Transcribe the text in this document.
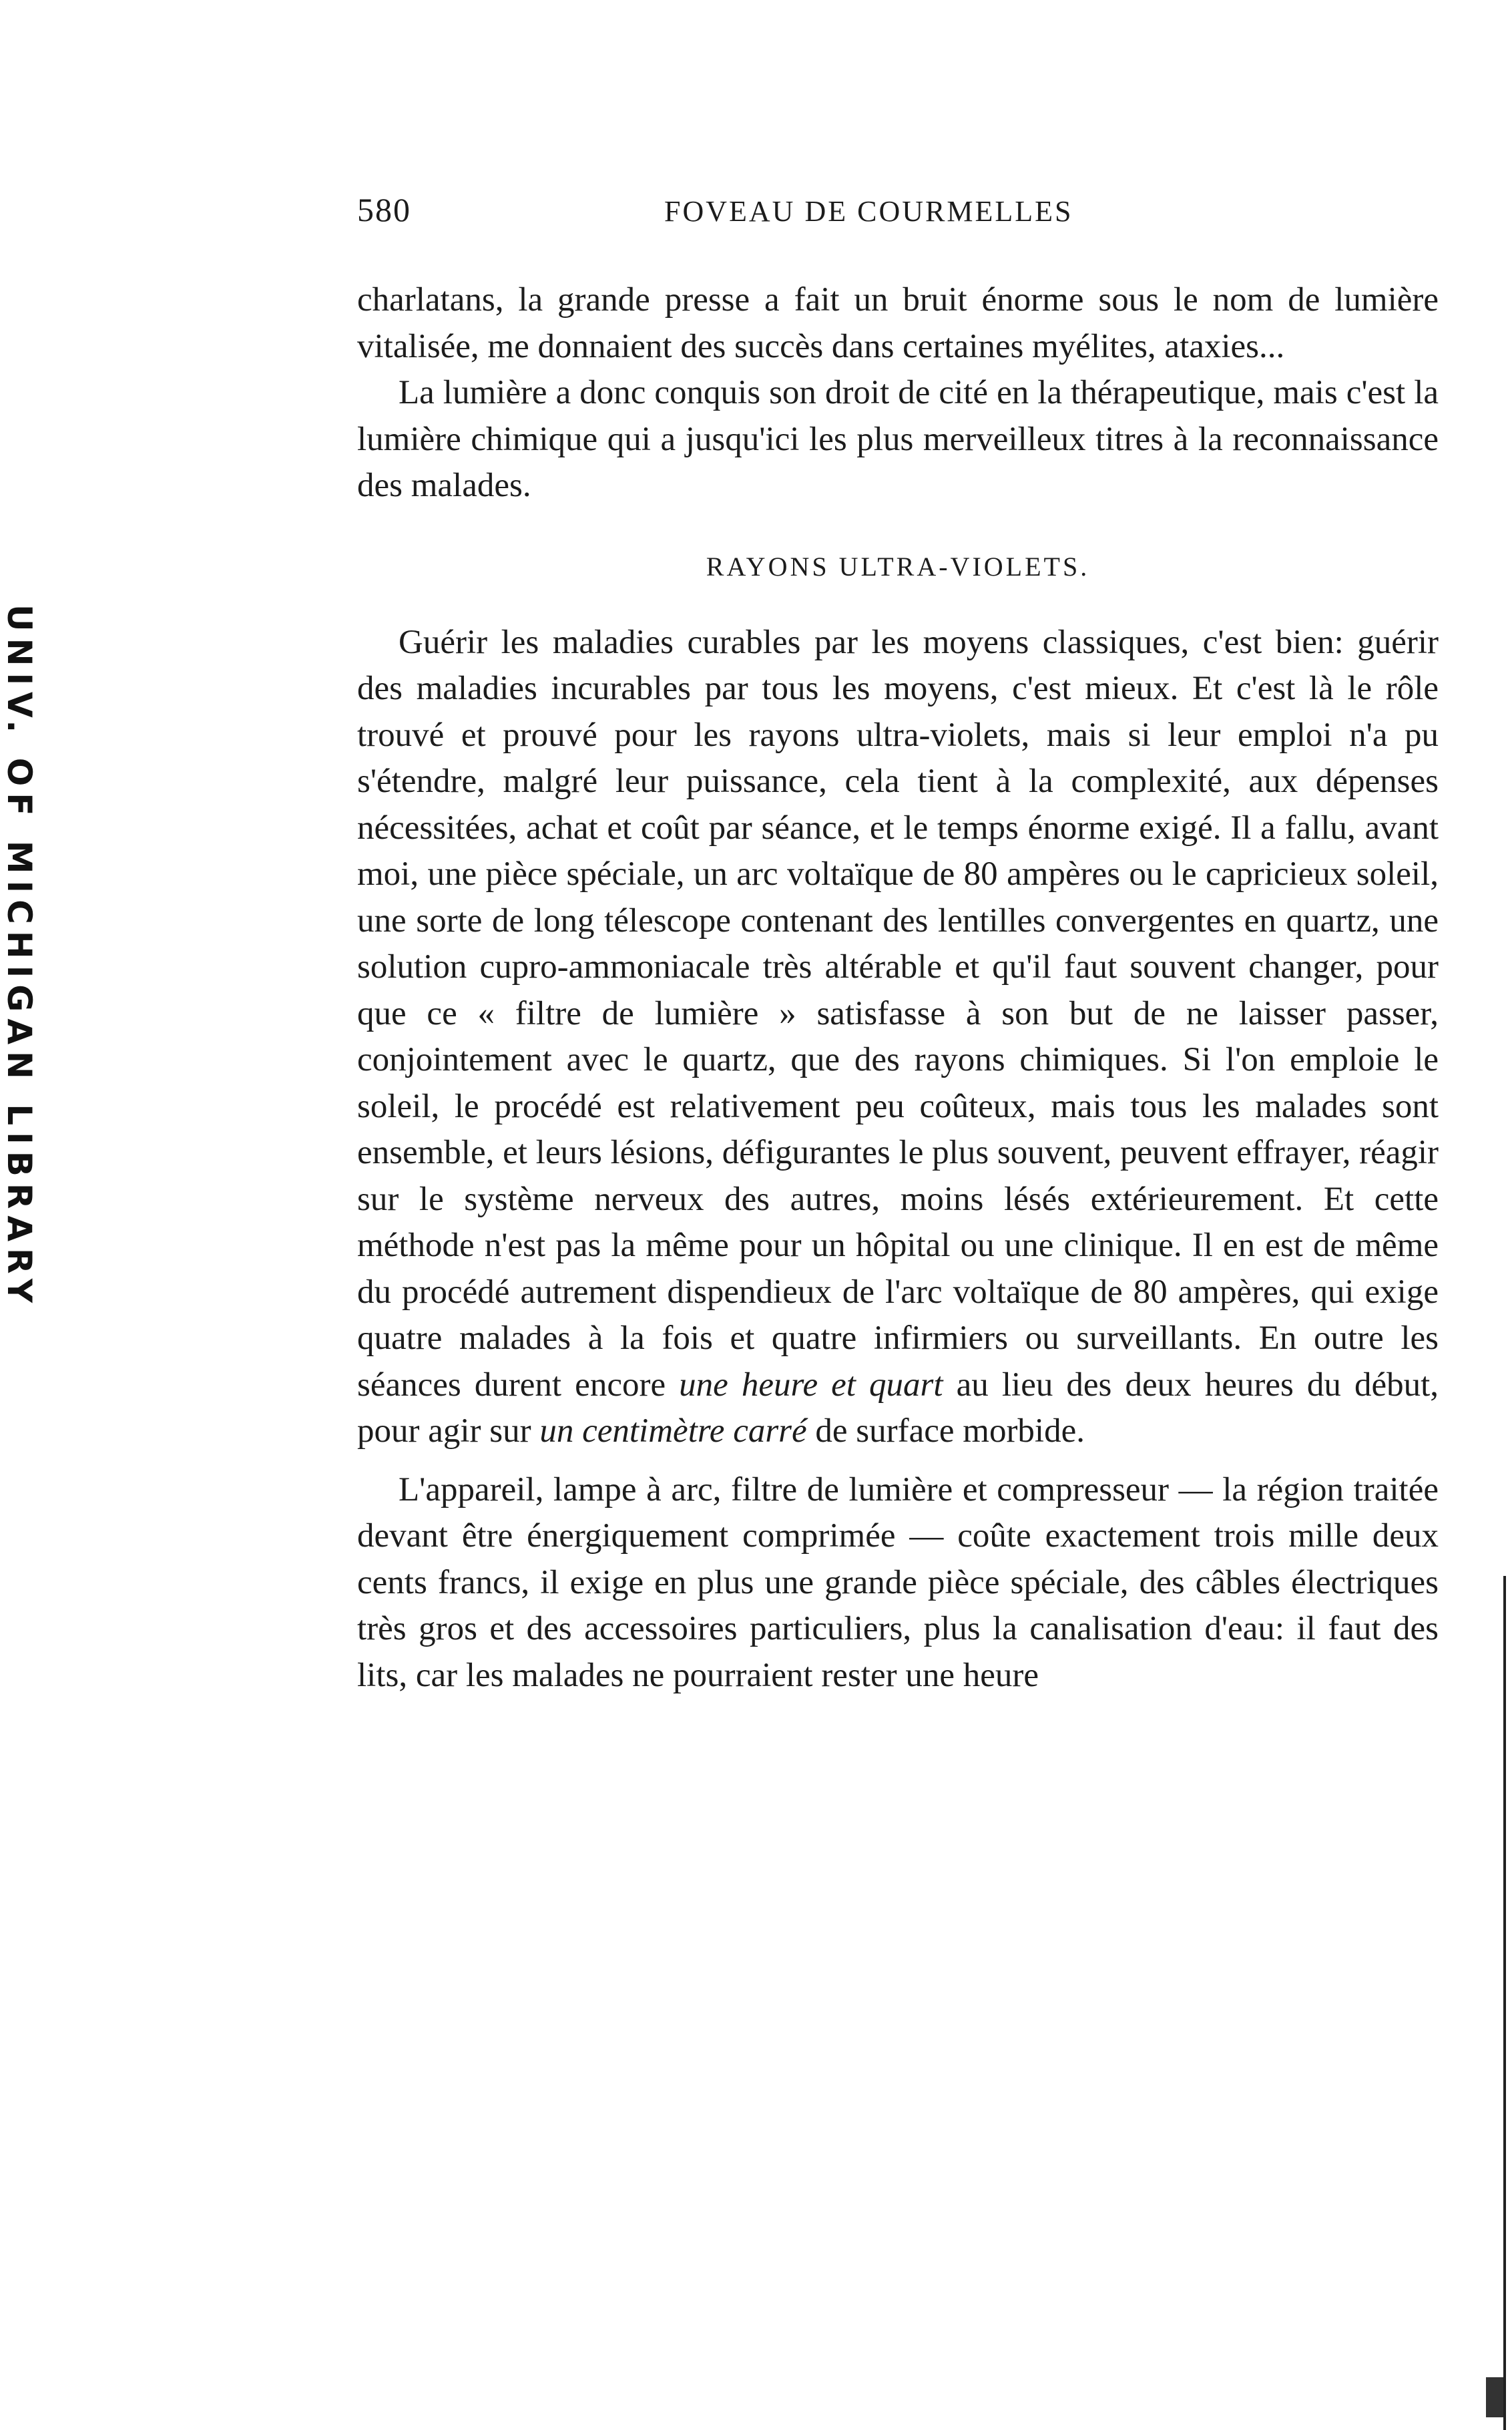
UNIV. OF MICHIGAN LIBRARY
580	FOVEAU DE COURMELLES

charlatans, la grande presse a fait un bruit énorme sous le nom de lumière vitalisée, me donnaient des succès dans certaines myélites, ataxies...

La lumière a donc conquis son droit de cité en la thérapeutique, mais c'est la lumière chimique qui a jusqu'ici les plus merveilleux titres à la reconnaissance des malades.

RAYONS ULTRA-VIOLETS.

Guérir les maladies curables par les moyens classiques, c'est bien: guérir des maladies incurables par tous les moyens, c'est mieux. Et c'est là le rôle trouvé et prouvé pour les rayons ultra-violets, mais si leur emploi n'a pu s'étendre, malgré leur puissance, cela tient à la complexité, aux dépenses nécessitées, achat et coût par séance, et le temps énorme exigé. Il a fallu, avant moi, une pièce spéciale, un arc voltaïque de 80 ampères ou le capricieux soleil, une sorte de long télescope contenant des lentilles convergentes en quartz, une solution cupro-ammoniacale très altérable et qu'il faut souvent changer, pour que ce « filtre de lumière » satisfasse à son but de ne laisser passer, conjointement avec le quartz, que des rayons chimiques. Si l'on emploie le soleil, le procédé est relativement peu coûteux, mais tous les malades sont ensemble, et leurs lésions, défigurantes le plus souvent, peuvent effrayer, réagir sur le système nerveux des autres, moins lésés extérieurement. Et cette méthode n'est pas la même pour un hôpital ou une clinique. Il en est de même du procédé autrement dispendieux de l'arc voltaïque de 80 ampères, qui exige quatre malades à la fois et quatre infirmiers ou surveillants. En outre les séances durent encore une heure et quart au lieu des deux heures du début, pour agir sur un centimètre carré de surface morbide.

L'appareil, lampe à arc, filtre de lumière et compresseur — la région traitée devant être énergiquement comprimée — coûte exactement trois mille deux cents francs, il exige en plus une grande pièce spéciale, des câbles électriques très gros et des accessoires particuliers, plus la canalisation d'eau: il faut des lits, car les malades ne pourraient rester une heure
